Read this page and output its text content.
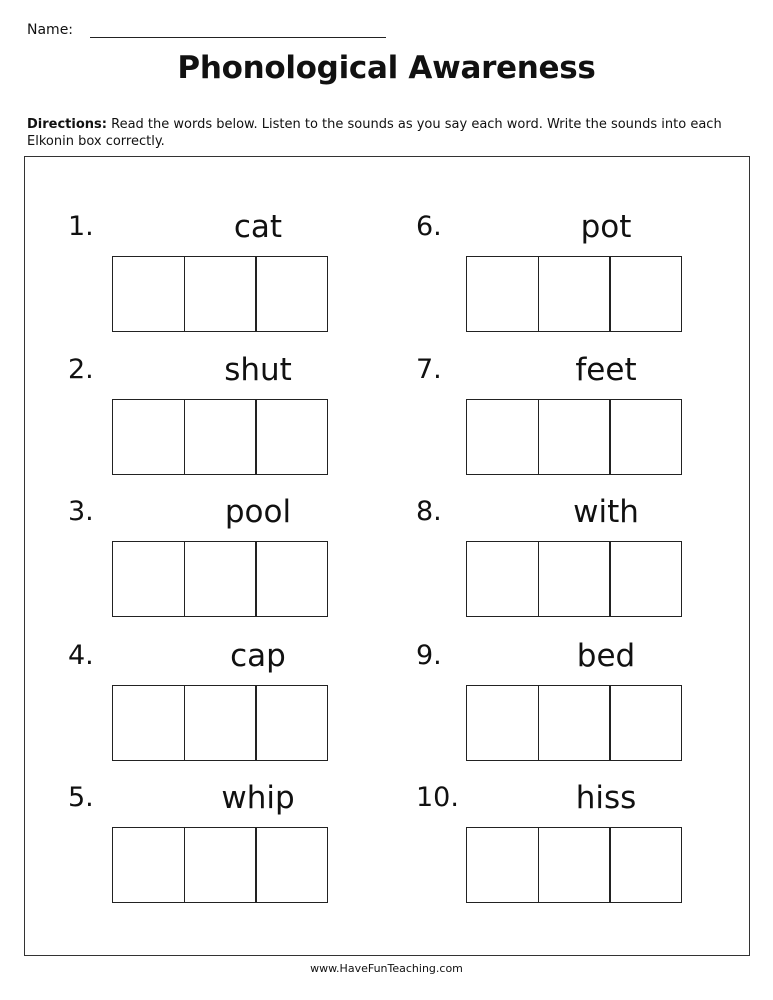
Name:
Phonological Awareness
Directions: Read the words below. Listen to the sounds as you say each word. Write the sounds into each Elkonin box correctly.
1.	cat
2.	shut
3.	pool
4.	cap
5.	whip
6.	pot
7.	feet
8.	with
9.	bed
10.	hiss
www.HaveFunTeaching.com
